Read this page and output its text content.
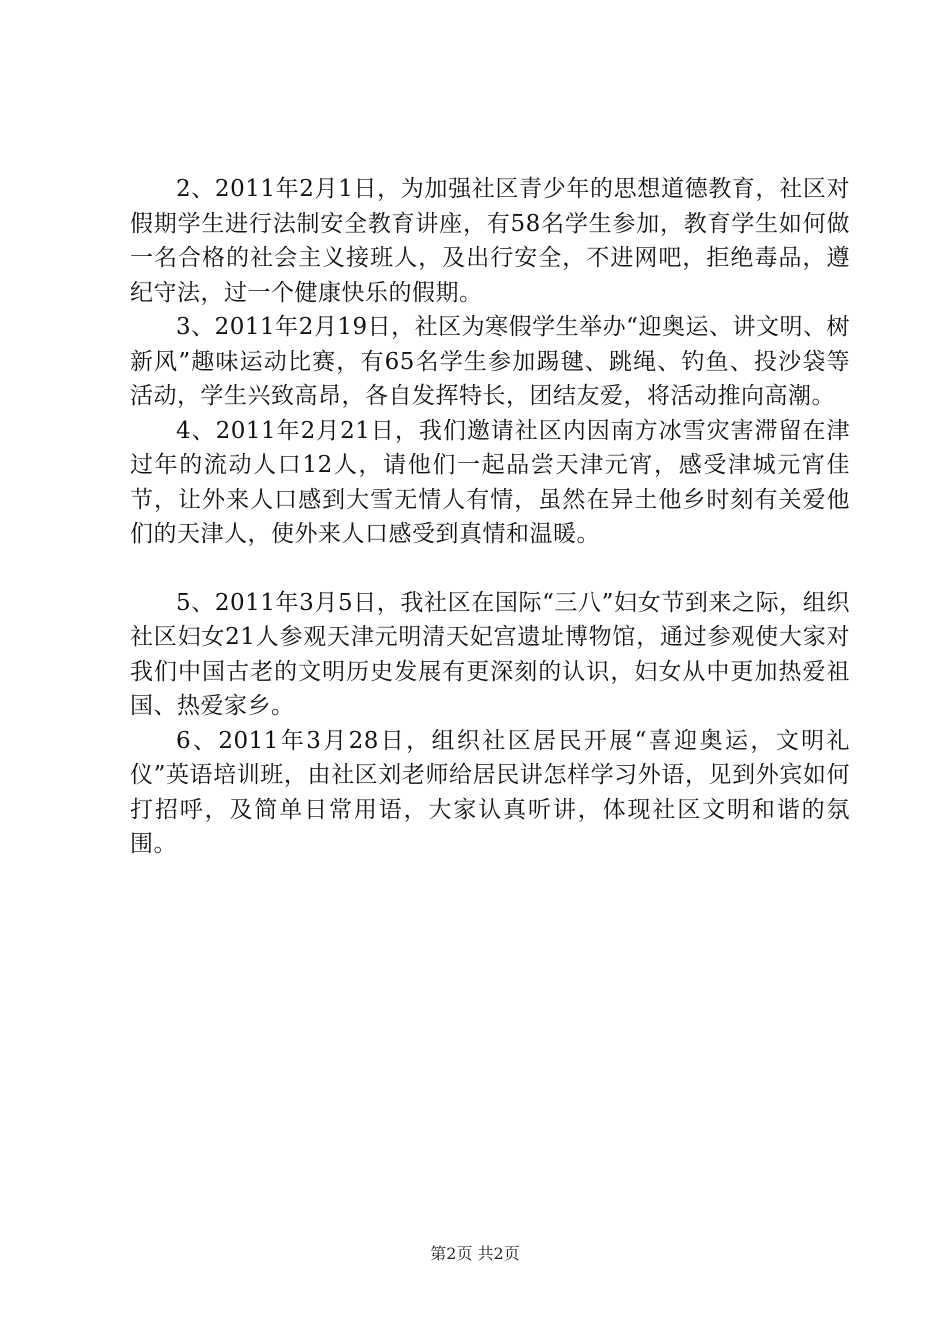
2、2011年2月1日，为加强社区青少年的思想道德教育，社区对假期学生进行法制安全教育讲座，有58名学生参加，教育学生如何做一名合格的社会主义接班人，及出行安全，不进网吧，拒绝毒品，遵纪守法，过一个健康快乐的假期。

3、2011年2月19日，社区为寒假学生举办“迎奥运、讲文明、树新风”趣味运动比赛，有65名学生参加踢毽、跳绳、钓鱼、投沙袋等活动，学生兴致高昂，各自发挥特长，团结友爱，将活动推向高潮。

4、2011年2月21日，我们邀请社区内因南方冰雪灾害滞留在津过年的流动人口12人，请他们一起品尝天津元宵，感受津城元宵佳节，让外来人口感到大雪无情人有情，虽然在异土他乡时刻有关爱他们的天津人，使外来人口感受到真情和温暖。

5、2011年3月5日，我社区在国际“三八”妇女节到来之际，组织社区妇女21人参观天津元明清天妃宫遗址博物馆，通过参观使大家对我们中国古老的文明历史发展有更深刻的认识，妇女从中更加热爱祖国、热爱家乡。

6、2011年3月28日，组织社区居民开展“喜迎奥运，文明礼仪”英语培训班，由社区刘老师给居民讲怎样学习外语，见到外宾如何打招呼，及简单日常用语，大家认真听讲，体现社区文明和谐的氛围。

第2页 共2页
